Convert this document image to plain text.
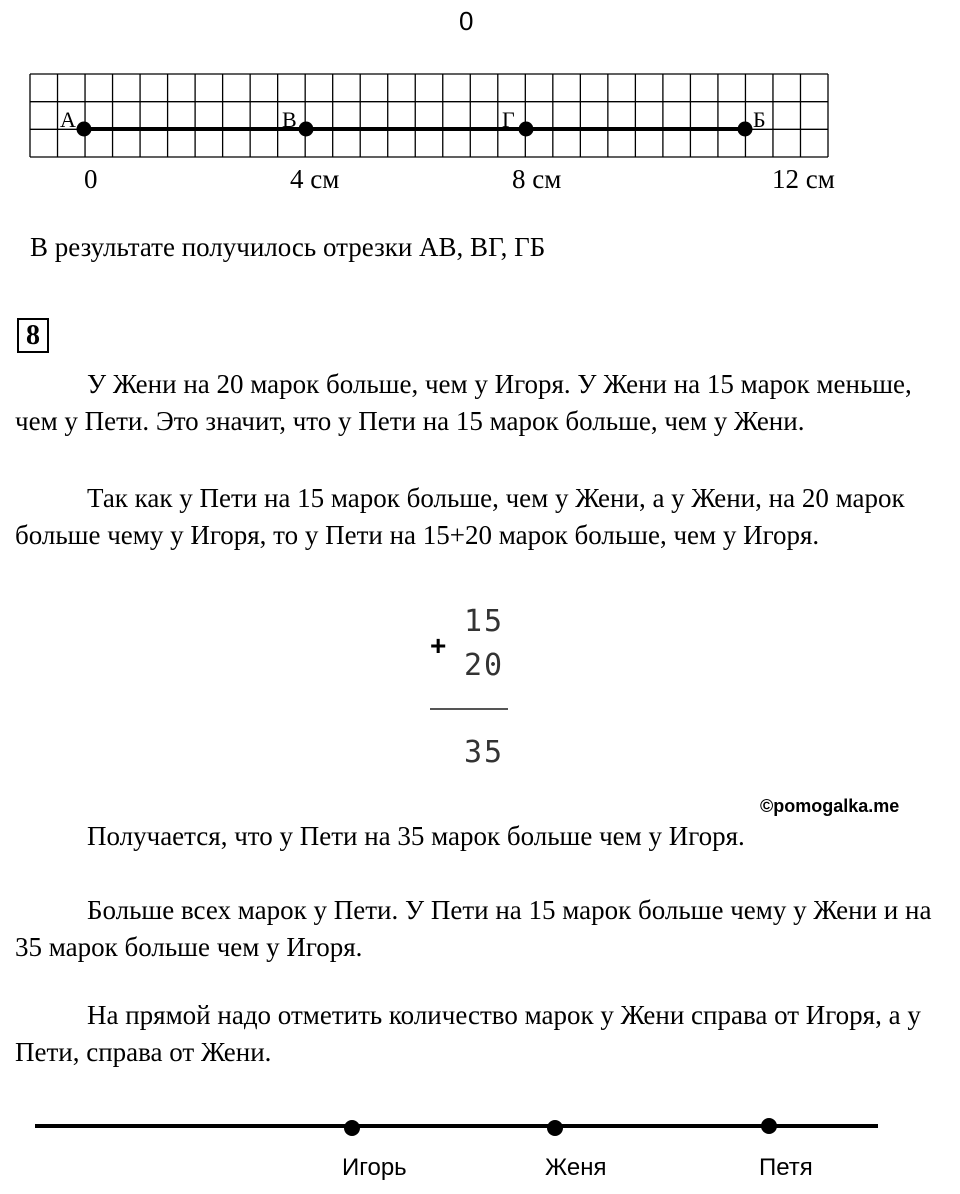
0
А	В	Г	Б
0	4 см	8 см	12 см
В результате получилось отрезки АВ, ВГ, ГБ
8

У Жени на 20 марок больше, чем у Игоря. У Жени на 15 марок меньше, чем у Пети. Это значит, что у Пети на 15 марок больше, чем у Жени.

Так как у Пети на 15 марок больше, чем у Жени, а у Жени, на 20 марок больше чему у Игоря, то у Пети на 15+20 марок больше, чем у Игоря.

15
+
20
35
©pomogalka.me

Получается, что у Пети на 35 марок больше чем у Игоря.

Больше всех марок у Пети. У Пети на 15 марок больше чему у Жени и на 35 марок больше чем у Игоря.

На прямой надо отметить количество марок у Жени справа от Игоря, а у Пети, справа от Жени.

Игорь	Женя	Петя
